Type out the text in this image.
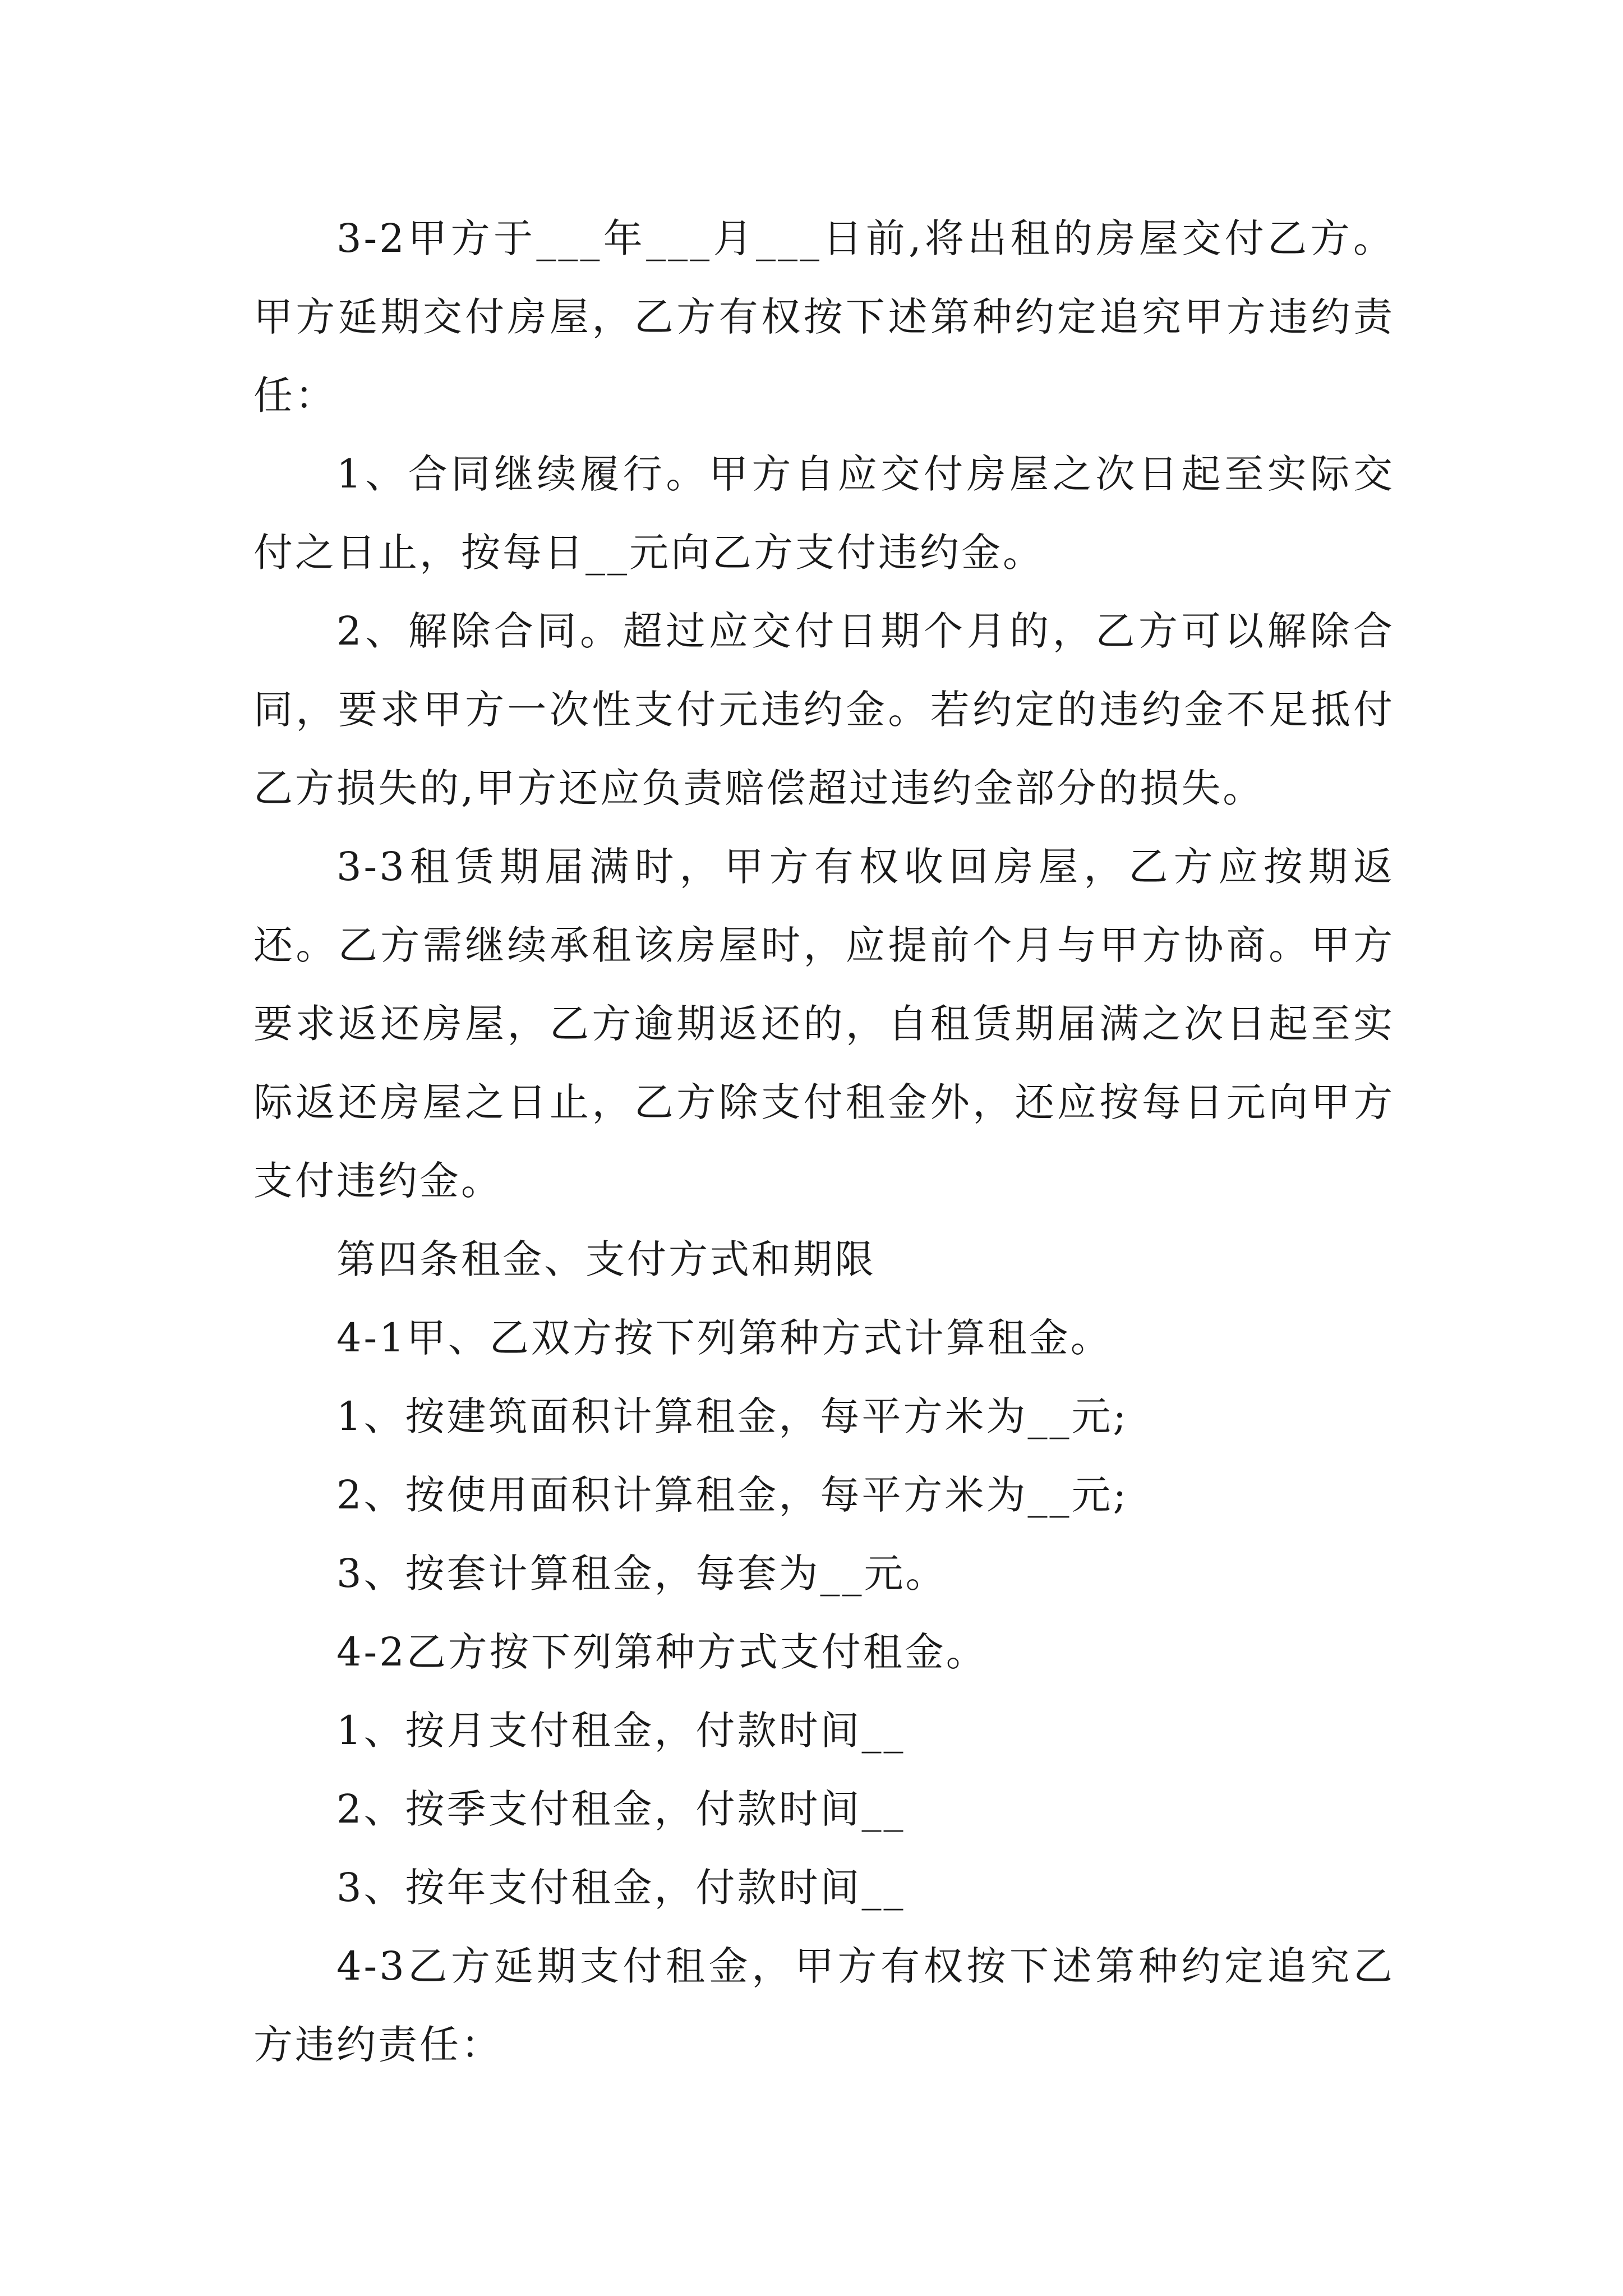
3-2甲方于___年___月___日前,将出租的房屋交付乙方。甲方延期交付房屋，乙方有权按下述第种约定追究甲方违约责任：

1、合同继续履行。甲方自应交付房屋之次日起至实际交付之日止，按每日__元向乙方支付违约金。

2、解除合同。超过应交付日期个月的，乙方可以解除合同，要求甲方一次性支付元违约金。若约定的违约金不足抵付乙方损失的,甲方还应负责赔偿超过违约金部分的损失。

3-3租赁期届满时，甲方有权收回房屋，乙方应按期返还。乙方需继续承租该房屋时，应提前个月与甲方协商。甲方要求返还房屋，乙方逾期返还的，自租赁期届满之次日起至实际返还房屋之日止，乙方除支付租金外，还应按每日元向甲方支付违约金。

第四条租金、支付方式和期限

4-1甲、乙双方按下列第种方式计算租金。

1、按建筑面积计算租金，每平方米为__元;

2、按使用面积计算租金，每平方米为__元;

3、按套计算租金，每套为__元。

4-2乙方按下列第种方式支付租金。

1、按月支付租金，付款时间__

2、按季支付租金，付款时间__

3、按年支付租金，付款时间__

4-3乙方延期支付租金，甲方有权按下述第种约定追究乙方违约责任：
